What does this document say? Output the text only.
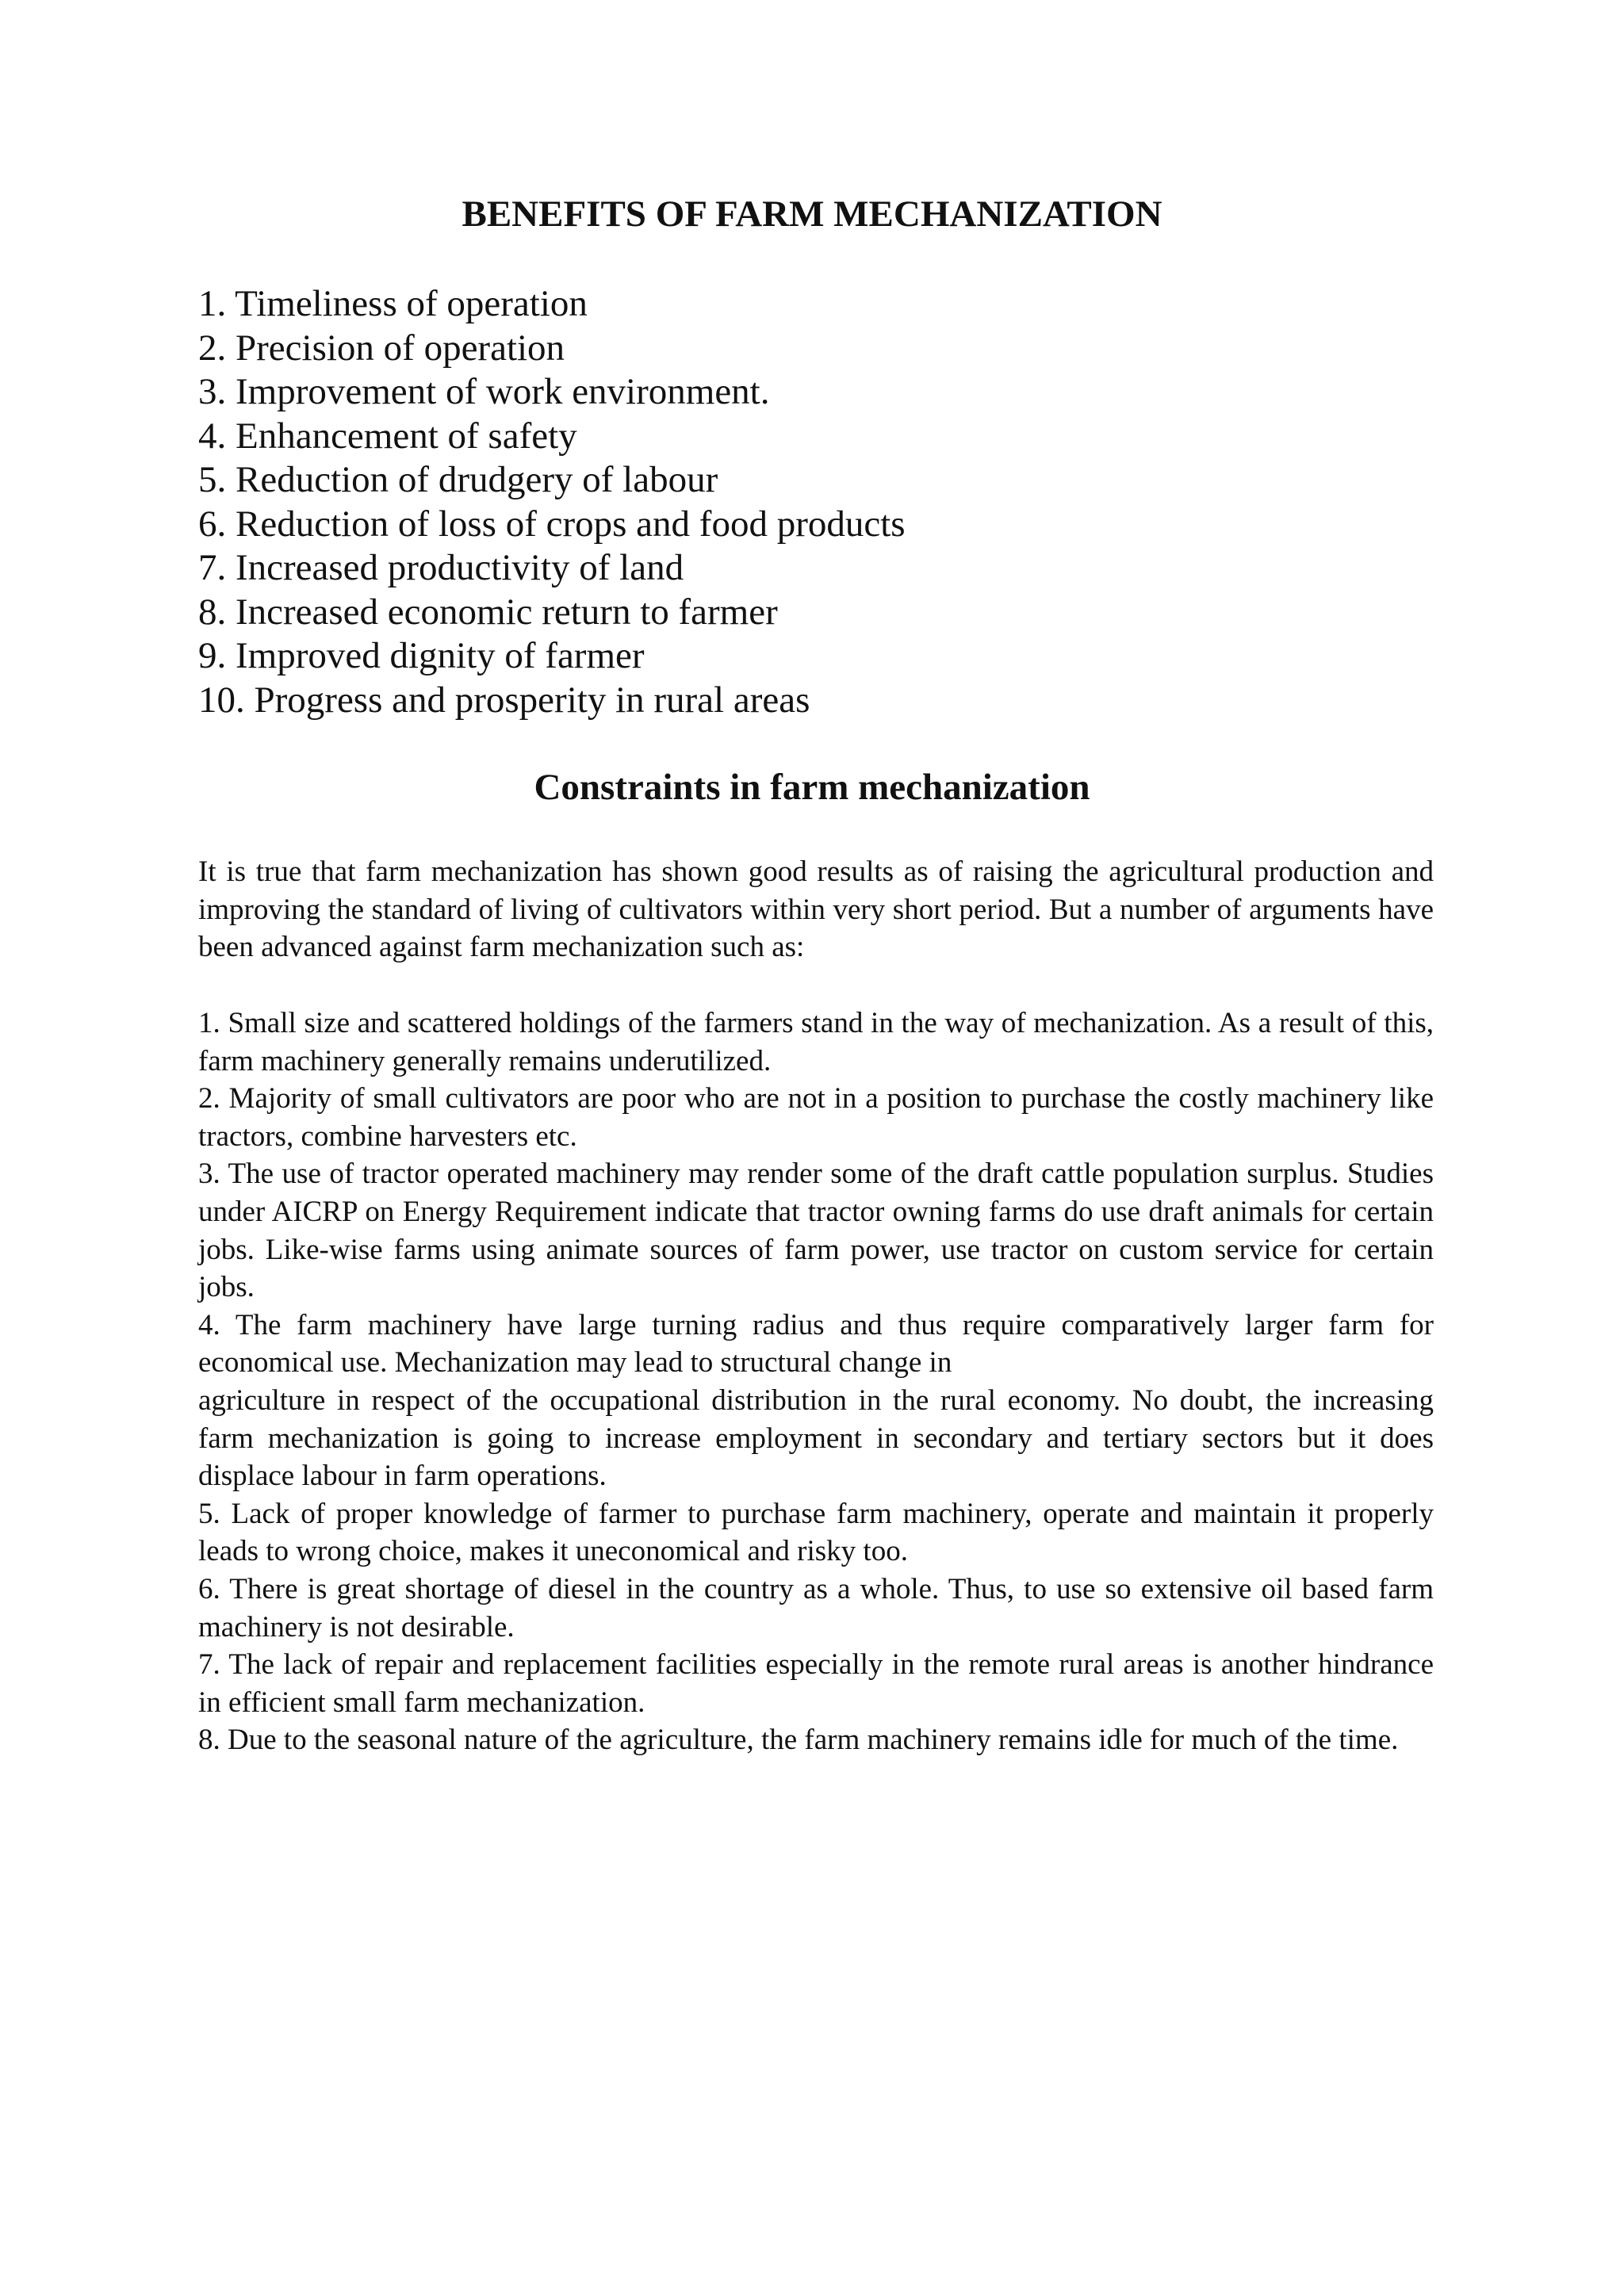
BENEFITS OF FARM MECHANIZATION
1. Timeliness of operation
2. Precision of operation
3. Improvement of work environment.
4. Enhancement of safety
5. Reduction of drudgery of labour
6. Reduction of loss of crops and food products
7. Increased productivity of land
8. Increased economic return to farmer
9. Improved dignity of farmer
10. Progress and prosperity in rural areas
Constraints in farm mechanization

It is true that farm mechanization has shown good results as of raising the agricultural production and improving the standard of living of cultivators within very short period. But a number of arguments have been advanced against farm mechanization such as:

1. Small size and scattered holdings of the farmers stand in the way of mechanization. As a result of this, farm machinery generally remains underutilized.

2. Majority of small cultivators are poor who are not in a position to purchase the costly machinery like tractors, combine harvesters etc.

3. The use of tractor operated machinery may render some of the draft cattle population surplus. Studies under AICRP on Energy Requirement indicate that tractor owning farms do use draft animals for certain jobs. Like-wise farms using animate sources of farm power, use tractor on custom service for certain jobs.

4. The farm machinery have large turning radius and thus require comparatively larger farm for economical use. Mechanization may lead to structural change in

agriculture in respect of the occupational distribution in the rural economy. No doubt, the increasing farm mechanization is going to increase employment in secondary and tertiary sectors but it does displace labour in farm operations.

5. Lack of proper knowledge of farmer to purchase farm machinery, operate and maintain it properly leads to wrong choice, makes it uneconomical and risky too.

6. There is great shortage of diesel in the country as a whole. Thus, to use so extensive oil based farm machinery is not desirable.

7. The lack of repair and replacement facilities especially in the remote rural areas is another hindrance in efficient small farm mechanization.

8. Due to the seasonal nature of the agriculture, the farm machinery remains idle for much of the time.
